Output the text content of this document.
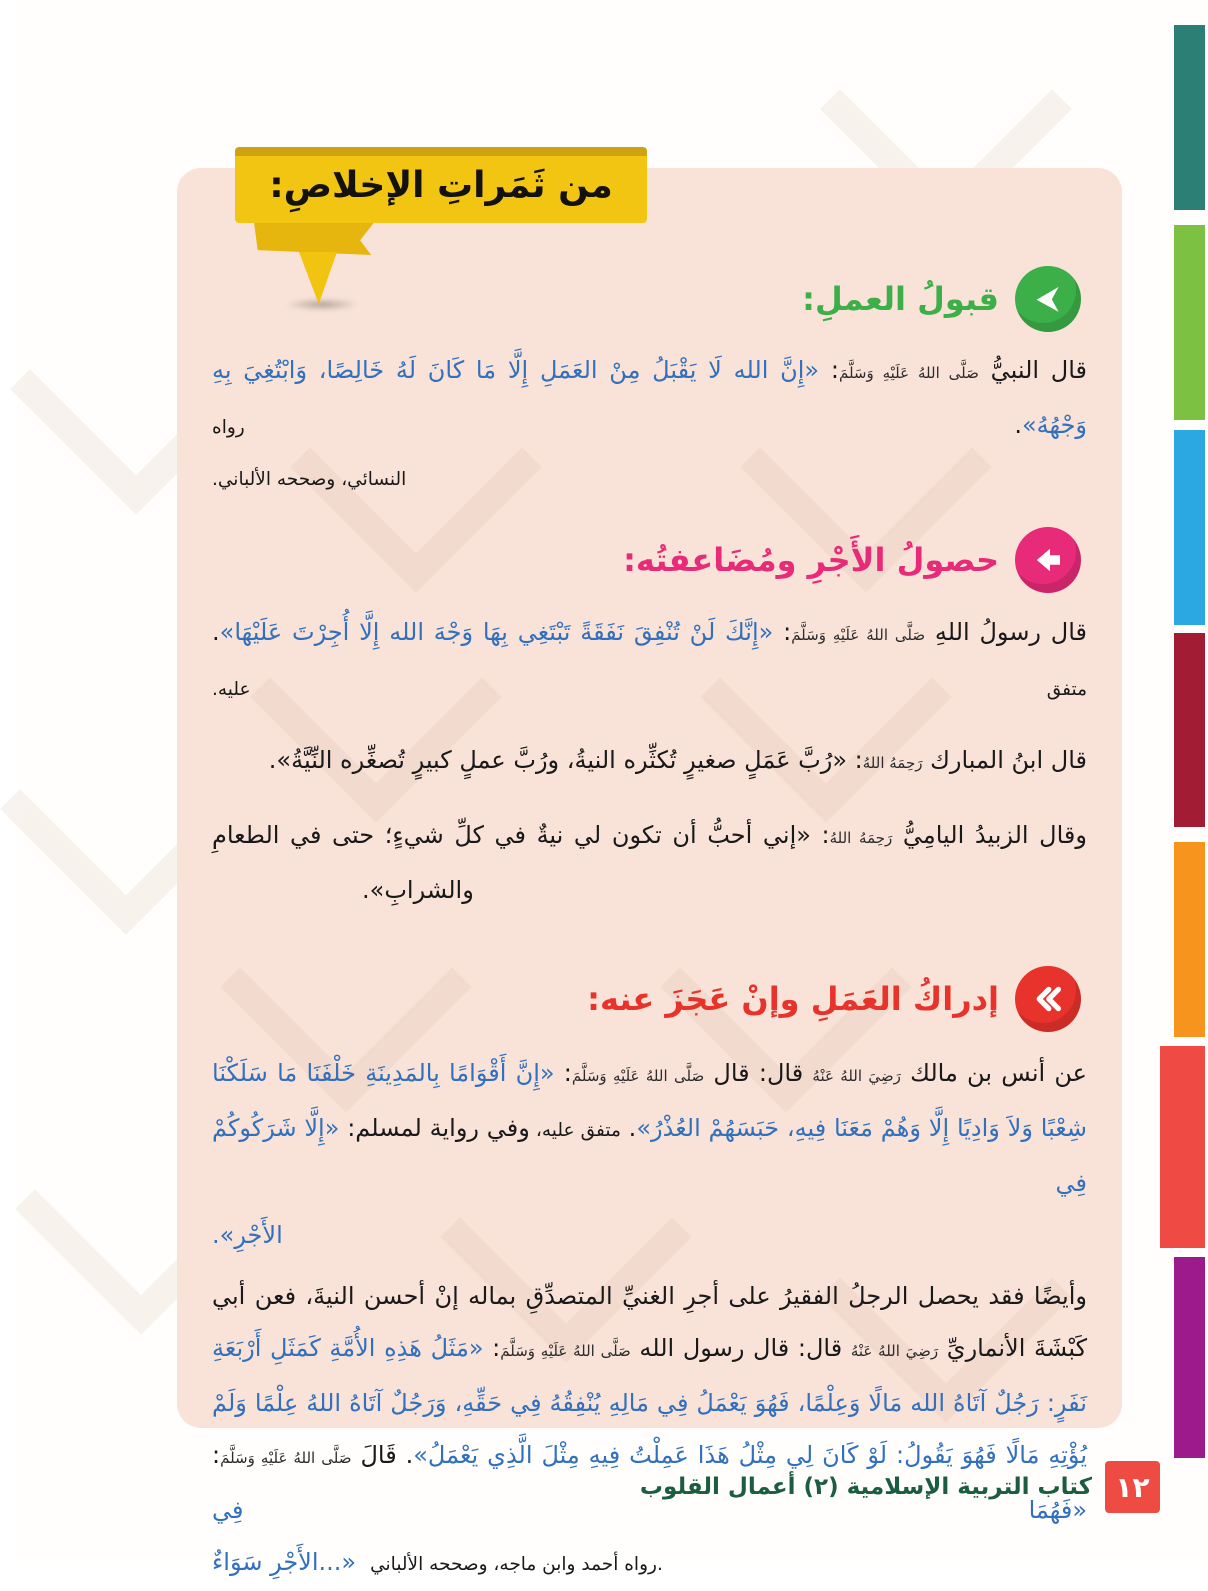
قبولُ العملِ:
قال النبيُّ صَلَّى اللهُ عَلَيْهِ وَسَلَّمَ: «إِنَّ الله لَا يَقْبَلُ مِنْ العَمَلِ إِلَّا مَا كَانَ لَهُ خَالِصًا، وَابْتُغِيَ بِهِ وَجْهُهُ». رواه
النسائي، وصححه الألباني.
حصولُ الأَجْرِ ومُضَاعفتُه:
قال رسولُ اللهِ صَلَّى اللهُ عَلَيْهِ وَسَلَّمَ: «إِنَّكَ لَنْ تُنْفِقَ نَفَقَةً تَبْتَغِي بِهَا وَجْهَ الله إِلَّا أُجِرْتَ عَلَيْهَا». متفق عليه.
قال ابنُ المبارك رَحِمَهُ اللهُ: «رُبَّ عَمَلٍ صغيرٍ تُكثِّره النيةُ، ورُبَّ عملٍ كبيرٍ تُصغِّره النِّيَّةُ».
وقال الزبيدُ اليامِيُّ رَحِمَهُ اللهُ: «إني أحبُّ أن تكون لي نيةٌ في كلِّ شيءٍ؛ حتى في الطعامِ
والشرابِ».
إدراكُ العَمَلِ وإنْ عَجَزَ عنه:
عن أنس بن مالك رَضِيَ اللهُ عَنْهُ قال: قال صَلَّى اللهُ عَلَيْهِ وَسَلَّمَ: «إِنَّ أَقْوَامًا بِالمَدِينَةِ خَلْفَنَا مَا سَلَكْنَا شِعْبًا وَلاَ وَادِيًا إِلَّا وَهُمْ مَعَنَا فِيهِ، حَبَسَهُمْ العُذْرُ». متفق عليه، وفي رواية لمسلم: «إِلَّا شَرَكُوكُمْ فِي
الأَجْرِ».
وأيضًا فقد يحصل الرجلُ الفقيرُ على أجرِ الغنيِّ المتصدِّقِ بماله إنْ أحسن النيةَ، فعن أبي كَبْشَةَ الأنماريِّ رَضِيَ اللهُ عَنْهُ قال: قال رسول الله صَلَّى اللهُ عَلَيْهِ وَسَلَّمَ: «مَثَلُ هَذِهِ الأُمَّةِ كَمَثَلِ أَرْبَعَةِ نَفَرٍ: رَجُلٌ آتَاهُ الله مَالًا وَعِلْمًا، فَهُوَ يَعْمَلُ فِي مَالِهِ يُنْفِقُهُ فِي حَقِّهِ، وَرَجُلٌ آتَاهُ اللهُ عِلْمًا وَلَمْ يُؤْتِهِ مَالًا فَهُوَ يَقُولُ: لَوْ كَانَ لِي مِثْلُ هَذَا عَمِلْتُ فِيهِ مِثْلَ الَّذِي يَعْمَلُ». قَالَ صَلَّى اللهُ عَلَيْهِ وَسَلَّمَ: «فَهُمَا فِي
الأَجْرِ سَوَاءٌ...» رواه أحمد وابن ماجه، وصححه الألباني.
من ثَمَراتِ الإخلاصِ:
١٢
كتاب التربية الإسلامية (٢) أعمال القلوب
